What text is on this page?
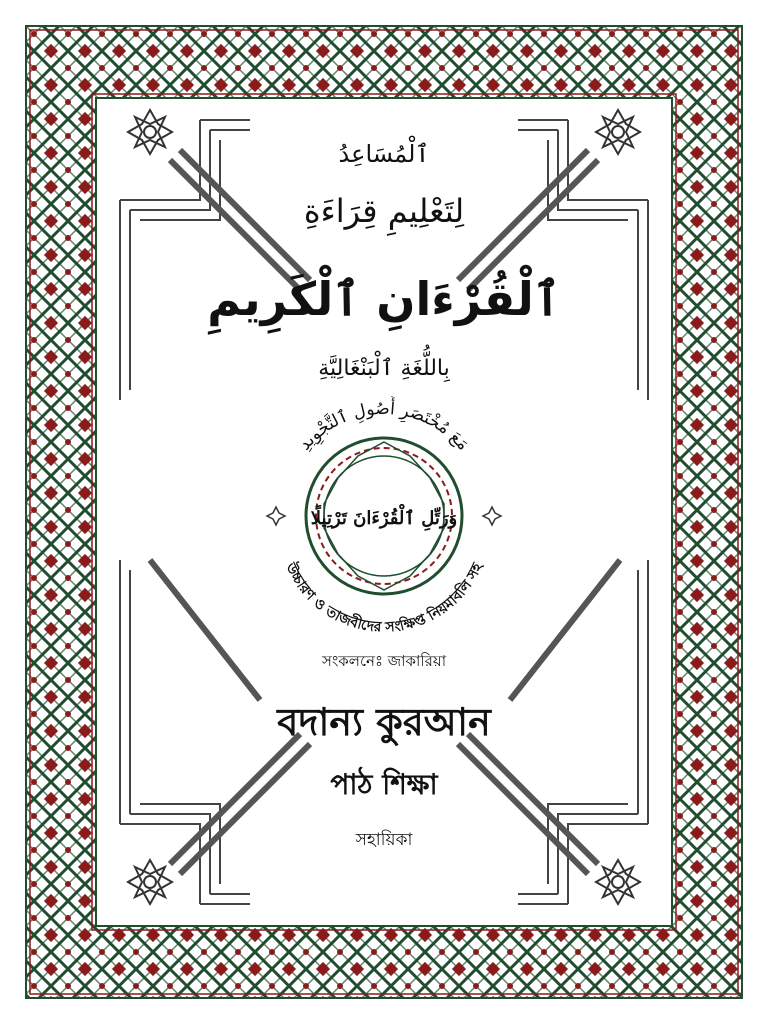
مَعَ مُخْتَصَرِ أُصُولِ ٱلتَّجْوِيدِ
وَرَتِّلِ ٱلْقُرْءَانَ تَرْتِيلًا
উচ্চারণ ও তাজবীদের সংক্ষিপ্ত নিয়মাবলি সহ
ٱلْمُسَاعِدُ
لِتَعْلِيمِ قِرَاءَةِ
ٱلْقُرْءَانِ ٱلْكَرِيمِ
بِاللُّغَةِ ٱلْبَنْغَالِيَّةِ
সংকলনেঃ জাকারিয়া
বদান্য কুরআন
পাঠ শিক্ষা
সহায়িকা
